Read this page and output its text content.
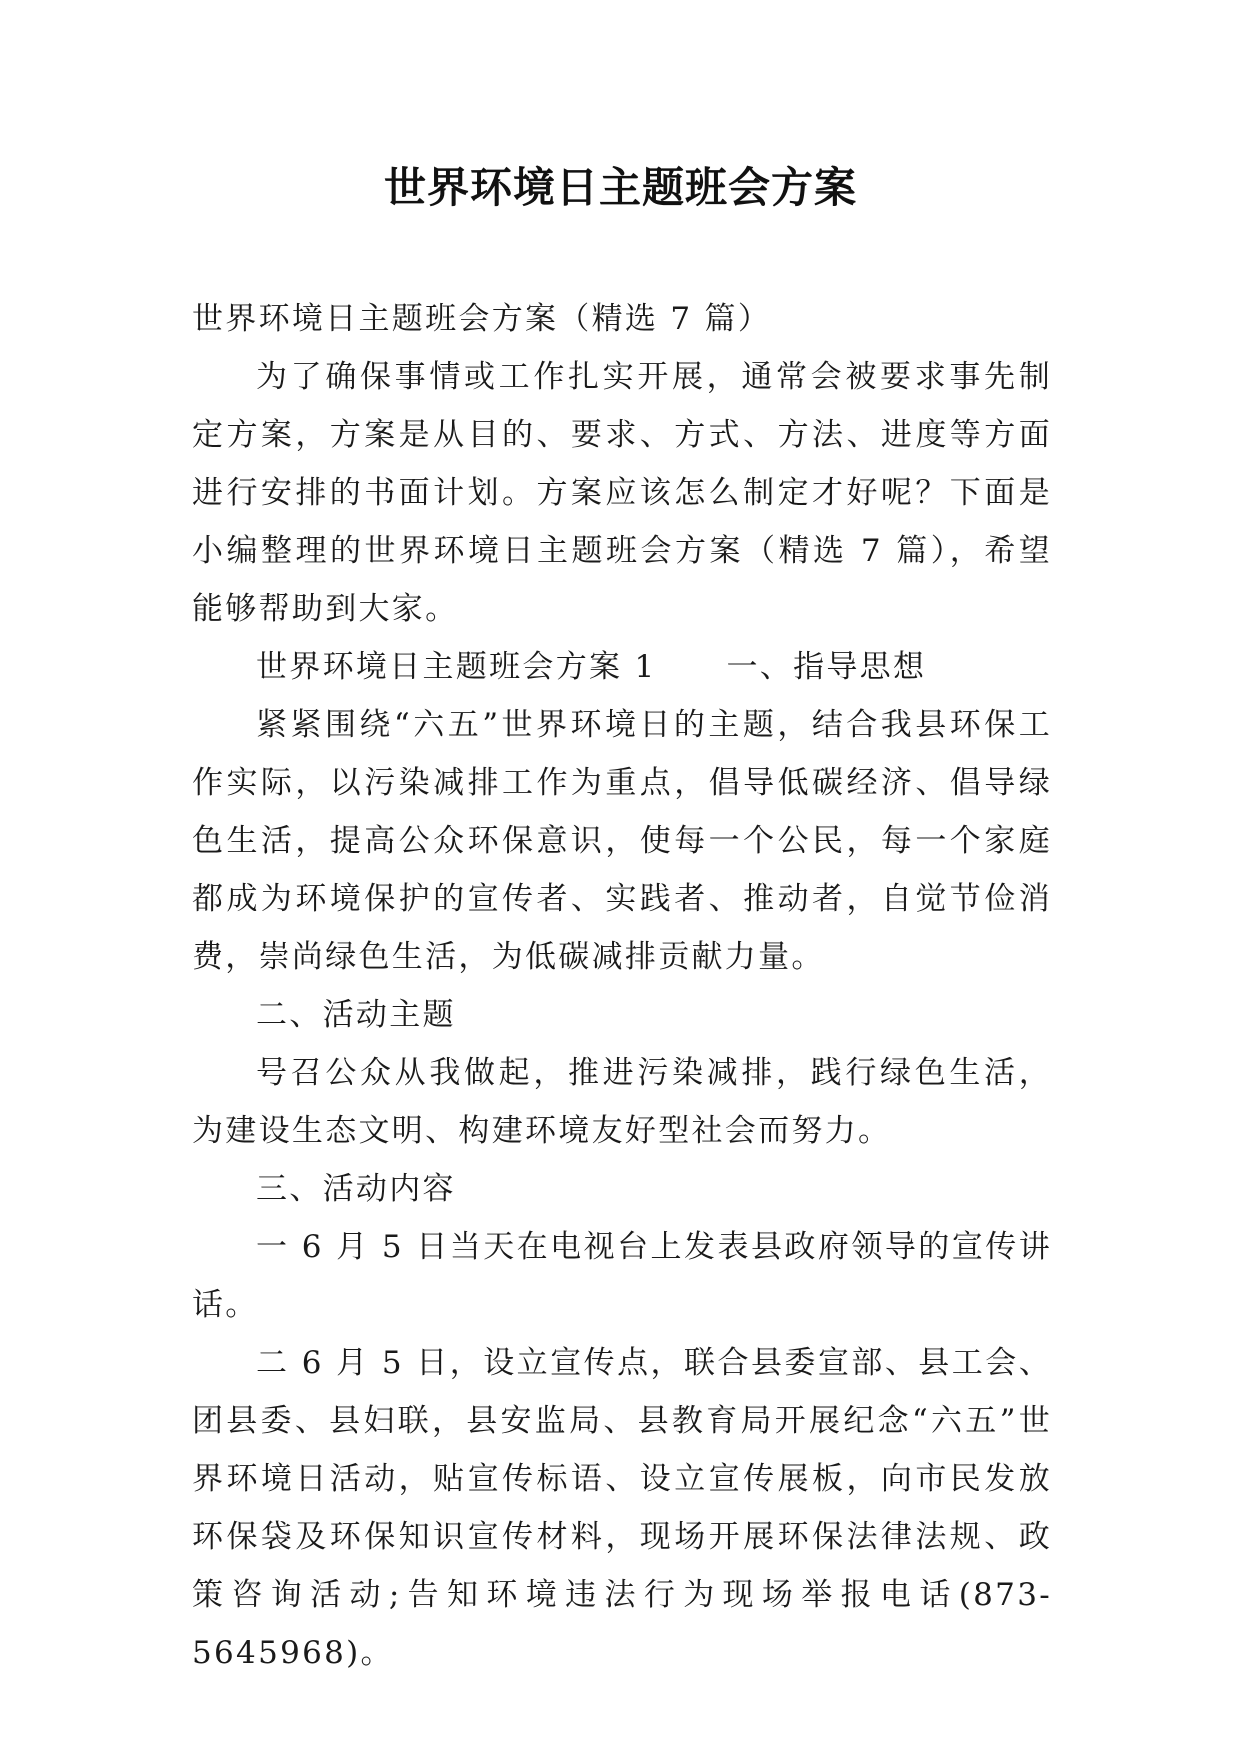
世界环境日主题班会方案

世界环境日主题班会方案（精选 7 篇）

为了确保事情或工作扎实开展，通常会被要求事先制定方案，方案是从目的、要求、方式、方法、进度等方面进行安排的书面计划。方案应该怎么制定才好呢？下面是小编整理的世界环境日主题班会方案（精选 7 篇），希望能够帮助到大家。

世界环境日主题班会方案 1 一、指导思想

紧紧围绕“六五”世界环境日的主题，结合我县环保工作实际，以污染减排工作为重点，倡导低碳经济、倡导绿色生活，提高公众环保意识，使每一个公民，每一个家庭都成为环境保护的宣传者、实践者、推动者，自觉节俭消费，崇尚绿色生活，为低碳减排贡献力量。

二、活动主题

号召公众从我做起，推进污染减排，践行绿色生活，为建设生态文明、构建环境友好型社会而努力。

三、活动内容

一 6 月 5 日当天在电视台上发表县政府领导的宣传讲话。

二 6 月 5 日，设立宣传点，联合县委宣部、县工会、团县委、县妇联，县安监局、县教育局开展纪念“六五”世界环境日活动，贴宣传标语、设立宣传展板，向市民发放环保袋及环保知识宣传材料，现场开展环保法律法规、政策咨询活动;告知环境违法行为现场举报电话(873-5645968)。
